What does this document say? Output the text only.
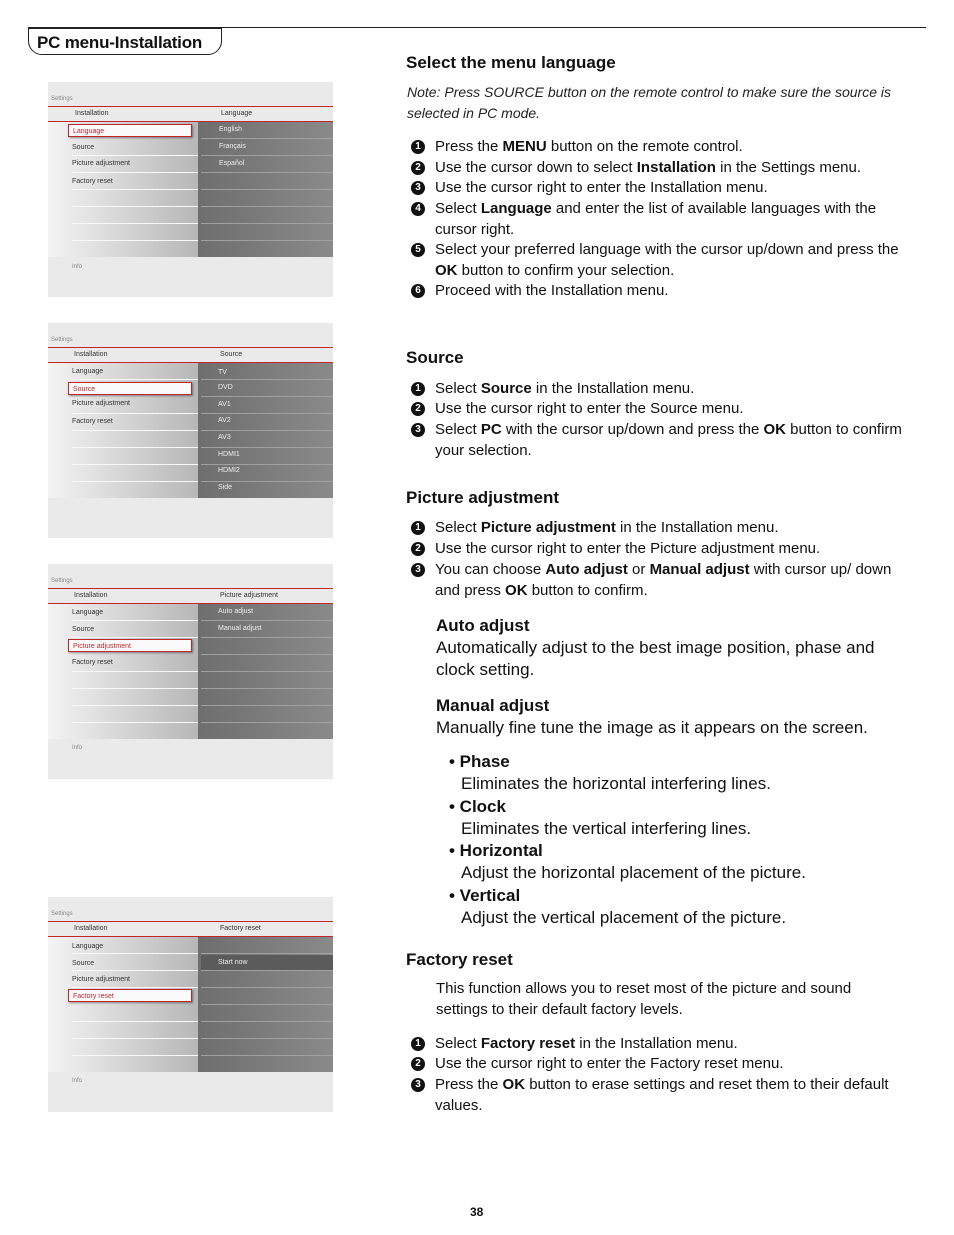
PC menu-Installation
Settings
Installation	Language
Language
Source
Picture adjustment
Factory reset
English
Français
Español
Info
Settings
Installation	Source
Language
Source
Picture adjustment
Factory reset
TV
DVD
AV1
AV2
AV3
HDMI1
HDMI2
Side
Settings
Installation	Picture adjustment
Language
Source
Picture adjustment
Factory reset
Auto adjust
Manual adjust
Info
Settings
Installation	Factory reset
Language
Source
Picture adjustment
Factory reset
Start now
Info
Select the menu language
Note: Press SOURCE button on the remote control to make sure the source is selected in PC mode.
1 Press the MENU button on the remote control.
2 Use the cursor down to select Installation in the Settings menu.
3 Use the cursor right to enter the Installation menu.
4 Select Language and enter the list of available languages with the cursor right.
5 Select your preferred language with the cursor up/down and press the OK button to confirm your selection.
6 Proceed with the Installation menu.
Source
1 Select Source in the Installation menu.
2 Use the cursor right to enter the Source menu.
3 Select PC with the cursor up/down and press the OK button to confirm your selection.
Picture adjustment
1 Select Picture adjustment in the Installation menu.
2 Use the cursor right to enter the Picture adjustment menu.
3 You can choose Auto adjust or Manual adjust with cursor up/ down and press OK button to confirm.
Auto adjust
Automatically adjust to the best image position, phase and clock setting.
Manual adjust
Manually fine tune the image as it appears on the screen.
• Phase
Eliminates the horizontal interfering lines.
• Clock
Eliminates the vertical interfering lines.
• Horizontal
Adjust the horizontal placement of the picture.
• Vertical
Adjust the vertical placement of the picture.
Factory reset
This function allows you to reset most of the picture and sound settings to their default factory levels.
1 Select Factory reset in the Installation menu.
2 Use the cursor right to enter the Factory reset menu.
3 Press the OK button to erase settings and reset them to their default values.
38
